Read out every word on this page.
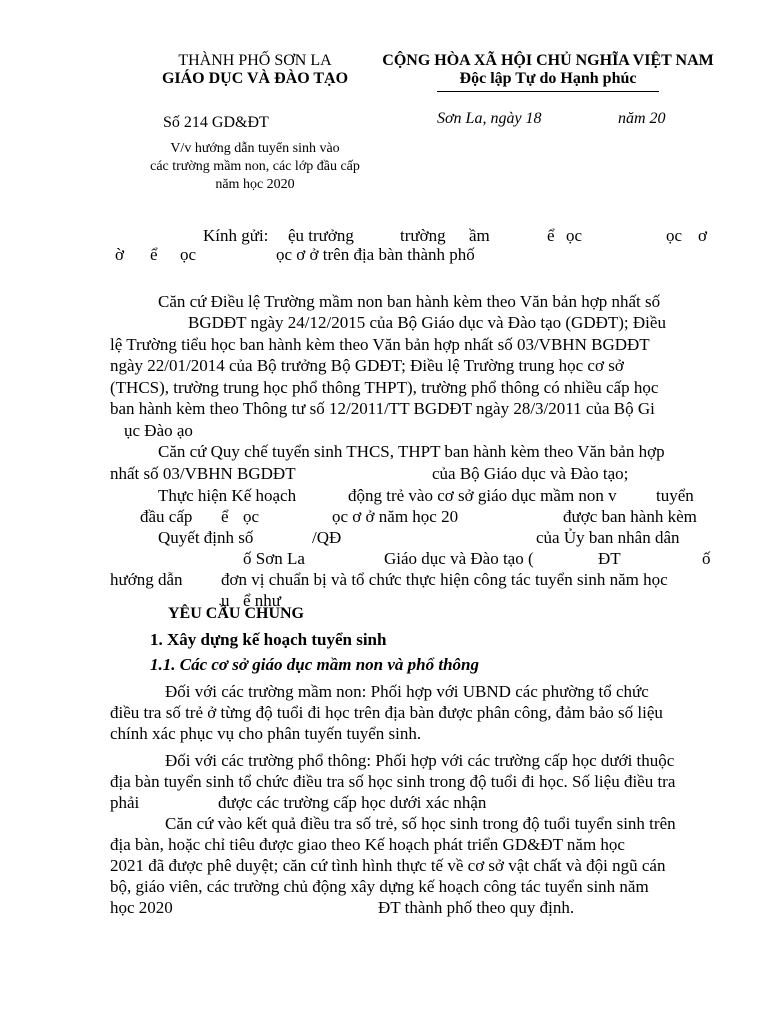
THÀNH PHỐ SƠN LA
GIÁO DỤC VÀ ĐÀO TẠO
CỘNG HÒA XÃ HỘI CHỦ NGHĨA VIỆT NAM
Độc lập Tự do Hạnh phúc
Số 214 GD&ĐT	Sơn La, ngày 18	năm 20
V/v hướng dẫn tuyển sinh vào
các trường mầm non, các lớp đầu cấp
năm học 2020
Kính gửi: ệu trưởng	trường ầm	ể ọc	ọc ơ
ờ ể ọc	ọc ơ ở trên địa bàn thành phố
Căn cứ Điều lệ Trường mầm non ban hành kèm theo Văn bản hợp nhất số
BGDĐT ngày 24/12/2015 của Bộ Giáo dục và Đào tạo (GDĐT); Điều
lệ Trường tiểu học ban hành kèm theo Văn bản hợp nhất số 03/VBHN BGDĐT
ngày 22/01/2014 của Bộ trưởng Bộ GDĐT; Điều lệ Trường trung học cơ sở
(THCS), trường trung học phổ thông THPT), trường phổ thông có nhiều cấp học
ban hành kèm theo Thông tư số 12/2011/TT BGDĐT ngày 28/3/2011 của Bộ Gi
ục Đào ạo
Căn cứ Quy chế tuyển sinh THCS, THPT ban hành kèm theo Văn bản hợp
nhất số 03/VBHN BGDĐT	của Bộ Giáo dục và Đào tạo;
Thực hiện Kế hoạch	động trẻ vào cơ sở giáo dục mầm non v tuyển
đầu cấp ể ọc	ọc ơ ở năm học 20	được ban hành kèm
Quyết định số	/QĐ	của Ủy ban nhân dân
ố Sơn La	Giáo dục và Đào tạo (	ĐT	ố
hướng dẫn đơn vị chuẩn bị và tổ chức thực hiện công tác tuyển sinh năm học
ụ ể như
YÊU CẦU CHUNG
1. Xây dựng kế hoạch tuyển sinh
1.1. Các cơ sở giáo dục mầm non và phổ thông
Đối với các trường mầm non: Phối hợp với UBND các phường tổ chức
điều tra số trẻ ở từng độ tuổi đi học trên địa bàn được phân công, đảm bảo số liệu
chính xác phục vụ cho phân tuyến tuyển sinh.
Đối với các trường phổ thông: Phối hợp với các trường cấp học dưới thuộc
địa bàn tuyển sinh tổ chức điều tra số học sinh trong độ tuổi đi học. Số liệu điều tra
phải	được các trường cấp học dưới xác nhận
Căn cứ vào kết quả điều tra số trẻ, số học sinh trong độ tuổi tuyển sinh trên
địa bàn, hoặc chỉ tiêu được giao theo Kế hoạch phát triển GD&ĐT năm học
2021 đã được phê duyệt; căn cứ tình hình thực tế về cơ sở vật chất và đội ngũ cán
bộ, giáo viên, các trường chủ động xây dựng kế hoạch công tác tuyển sinh năm
học 2020	ĐT thành phố theo quy định.
